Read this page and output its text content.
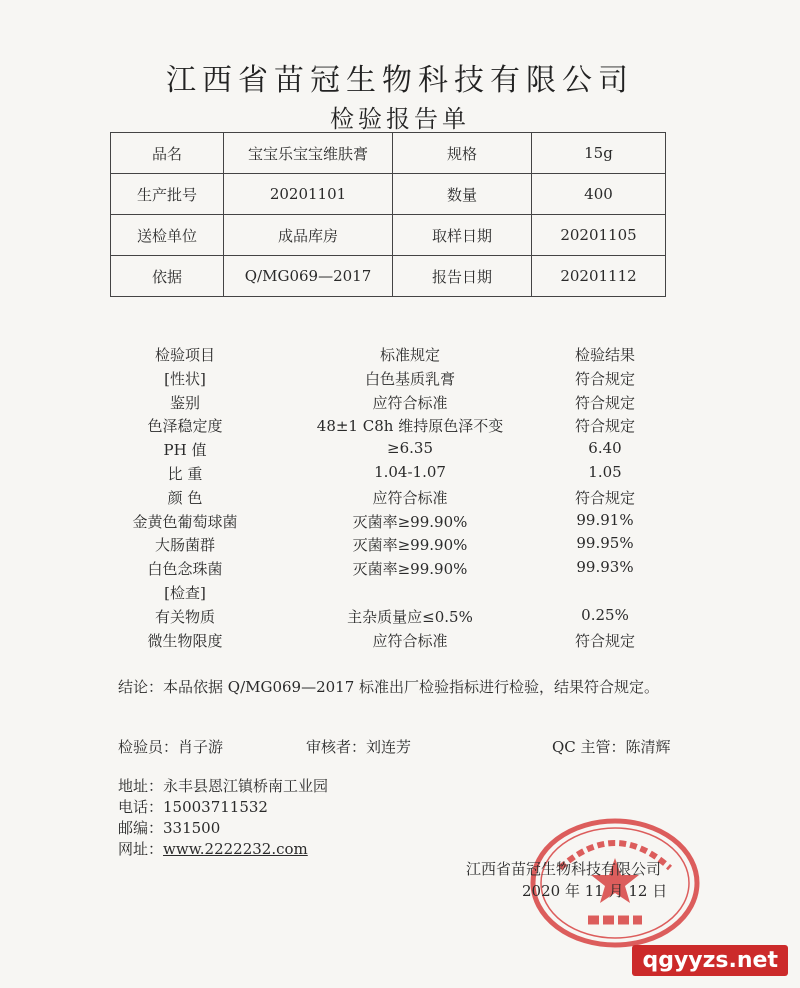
江西省苗冠生物科技有限公司
检验报告单
品名	宝宝乐宝宝维肤膏	规格	15g
生产批号	20201101	数量	400
送检单位	成品库房	取样日期	20201105
依据	Q/MG069—2017	报告日期	20201112
检验项目	标准规定	检验结果
[性状]	白色基质乳膏	符合规定
鉴别	应符合标准	符合规定
色泽稳定度	48±1 C8h 维持原色泽不变	符合规定
PH 值	≥6.35	6.40
比 重	1.04-1.07	1.05
颜 色	应符合标准	符合规定
金黄色葡萄球菌	灭菌率≥99.90%	99.91%
大肠菌群	灭菌率≥99.90%	99.95%
白色念珠菌	灭菌率≥99.90%	99.93%
[检查]
有关物质	主杂质量应≤0.5%	0.25%
微生物限度	应符合标准	符合规定
结论：本品依据 Q/MG069—2017 标准出厂检验指标进行检验，结果符合规定。
检验员：肖子游	审核者：刘连芳	QC 主管：陈清辉
地址：永丰县恩江镇桥南工业园
电话：15003711532
邮编：331500
网址：www.2222232.com
江西省苗冠生物科技有限公司
2020 年 11 月 12 日
qgyyzs.net
